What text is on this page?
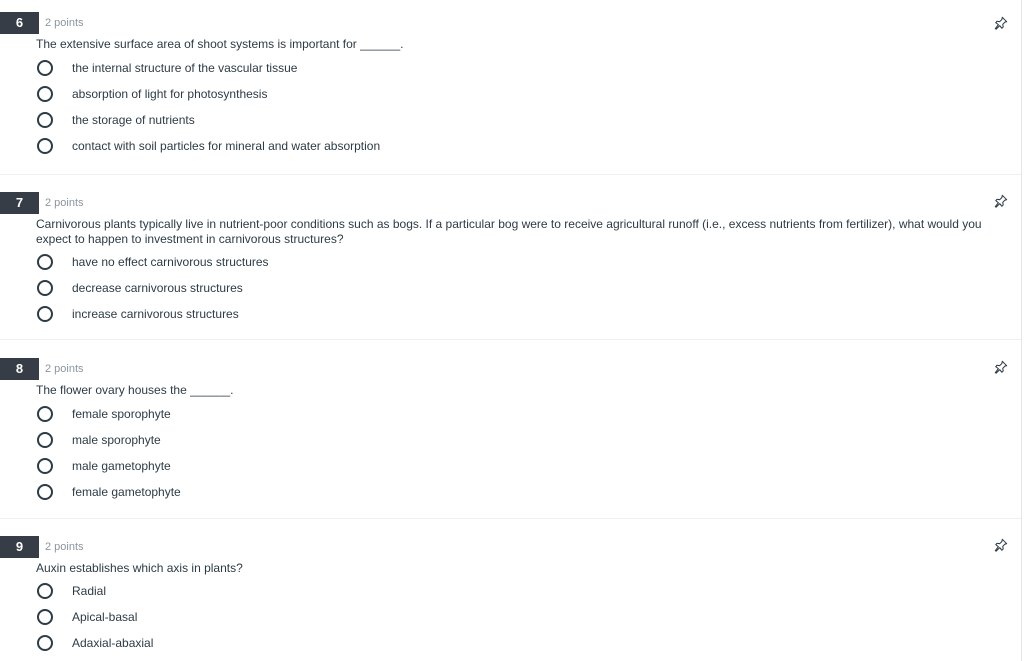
6	2 points
The extensive surface area of shoot systems is important for ______.
the internal structure of the vascular tissue
absorption of light for photosynthesis
the storage of nutrients
contact with soil particles for mineral and water absorption
7	2 points
Carnivorous plants typically live in nutrient-poor conditions such as bogs. If a particular bog were to receive agricultural runoff (i.e., excess nutrients from fertilizer), what would you expect to happen to investment in carnivorous structures?
have no effect carnivorous structures
decrease carnivorous structures
increase carnivorous structures
8	2 points
The flower ovary houses the ______.
female sporophyte
male sporophyte
male gametophyte
female gametophyte
9	2 points
Auxin establishes which axis in plants?
Radial
Apical-basal
Adaxial-abaxial
